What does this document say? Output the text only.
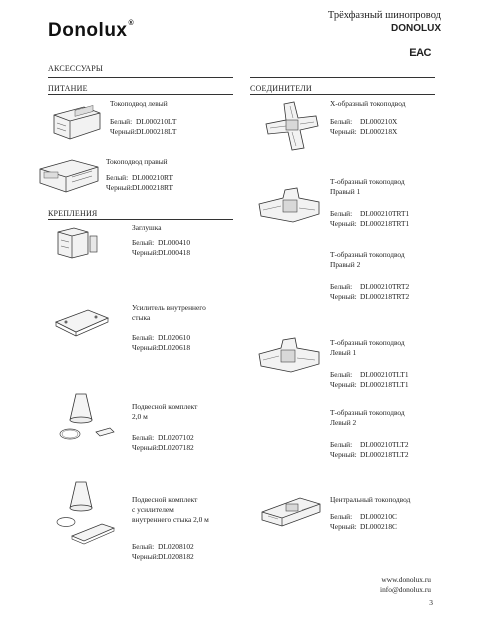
Donolux®
Трёхфазный шинопровод
DONOLUX
EAC
АКСЕССУАРЫ
ПИТАНИЕ
Токоподвод левый
Белый: DL000210LT
Черный:DL000218LT
Токоподвод правый
Белый: DL000210RT
Черный:DL000218RT
КРЕПЛЕНИЯ
Заглушка
Белый: DL000410
Черный:DL000418
Усилитель внутреннего
стыка
Белый: DL020610
Черный:DL020618
Подвесной комплект
2,0 м
Белый: DL0207102
Черный:DL0207182
Подвесной комплект
с усилителем
внутреннего стыка 2,0 м
Белый: DL0208102
Черный:DL0208182
СОЕДИНИТЕЛИ
Х-образный токоподвод
Белый: DL000210X
Черный: DL000218X
Т-образный токоподвод
Правый 1
Белый: DL000210TRT1
Черный: DL000218TRT1
Т-образный токоподвод
Правый 2
Белый: DL000210TRT2
Черный: DL000218TRT2
Т-образный токоподвод
Левый 1
Белый: DL000210TLT1
Черный: DL000218TLT1
Т-образный токоподвод
Левый 2
Белый: DL000210TLT2
Черный: DL000218TLT2
Центральный токоподвод
Белый: DL000210C
Черный: DL000218C
www.donolux.ru
info@donolux.ru
3
